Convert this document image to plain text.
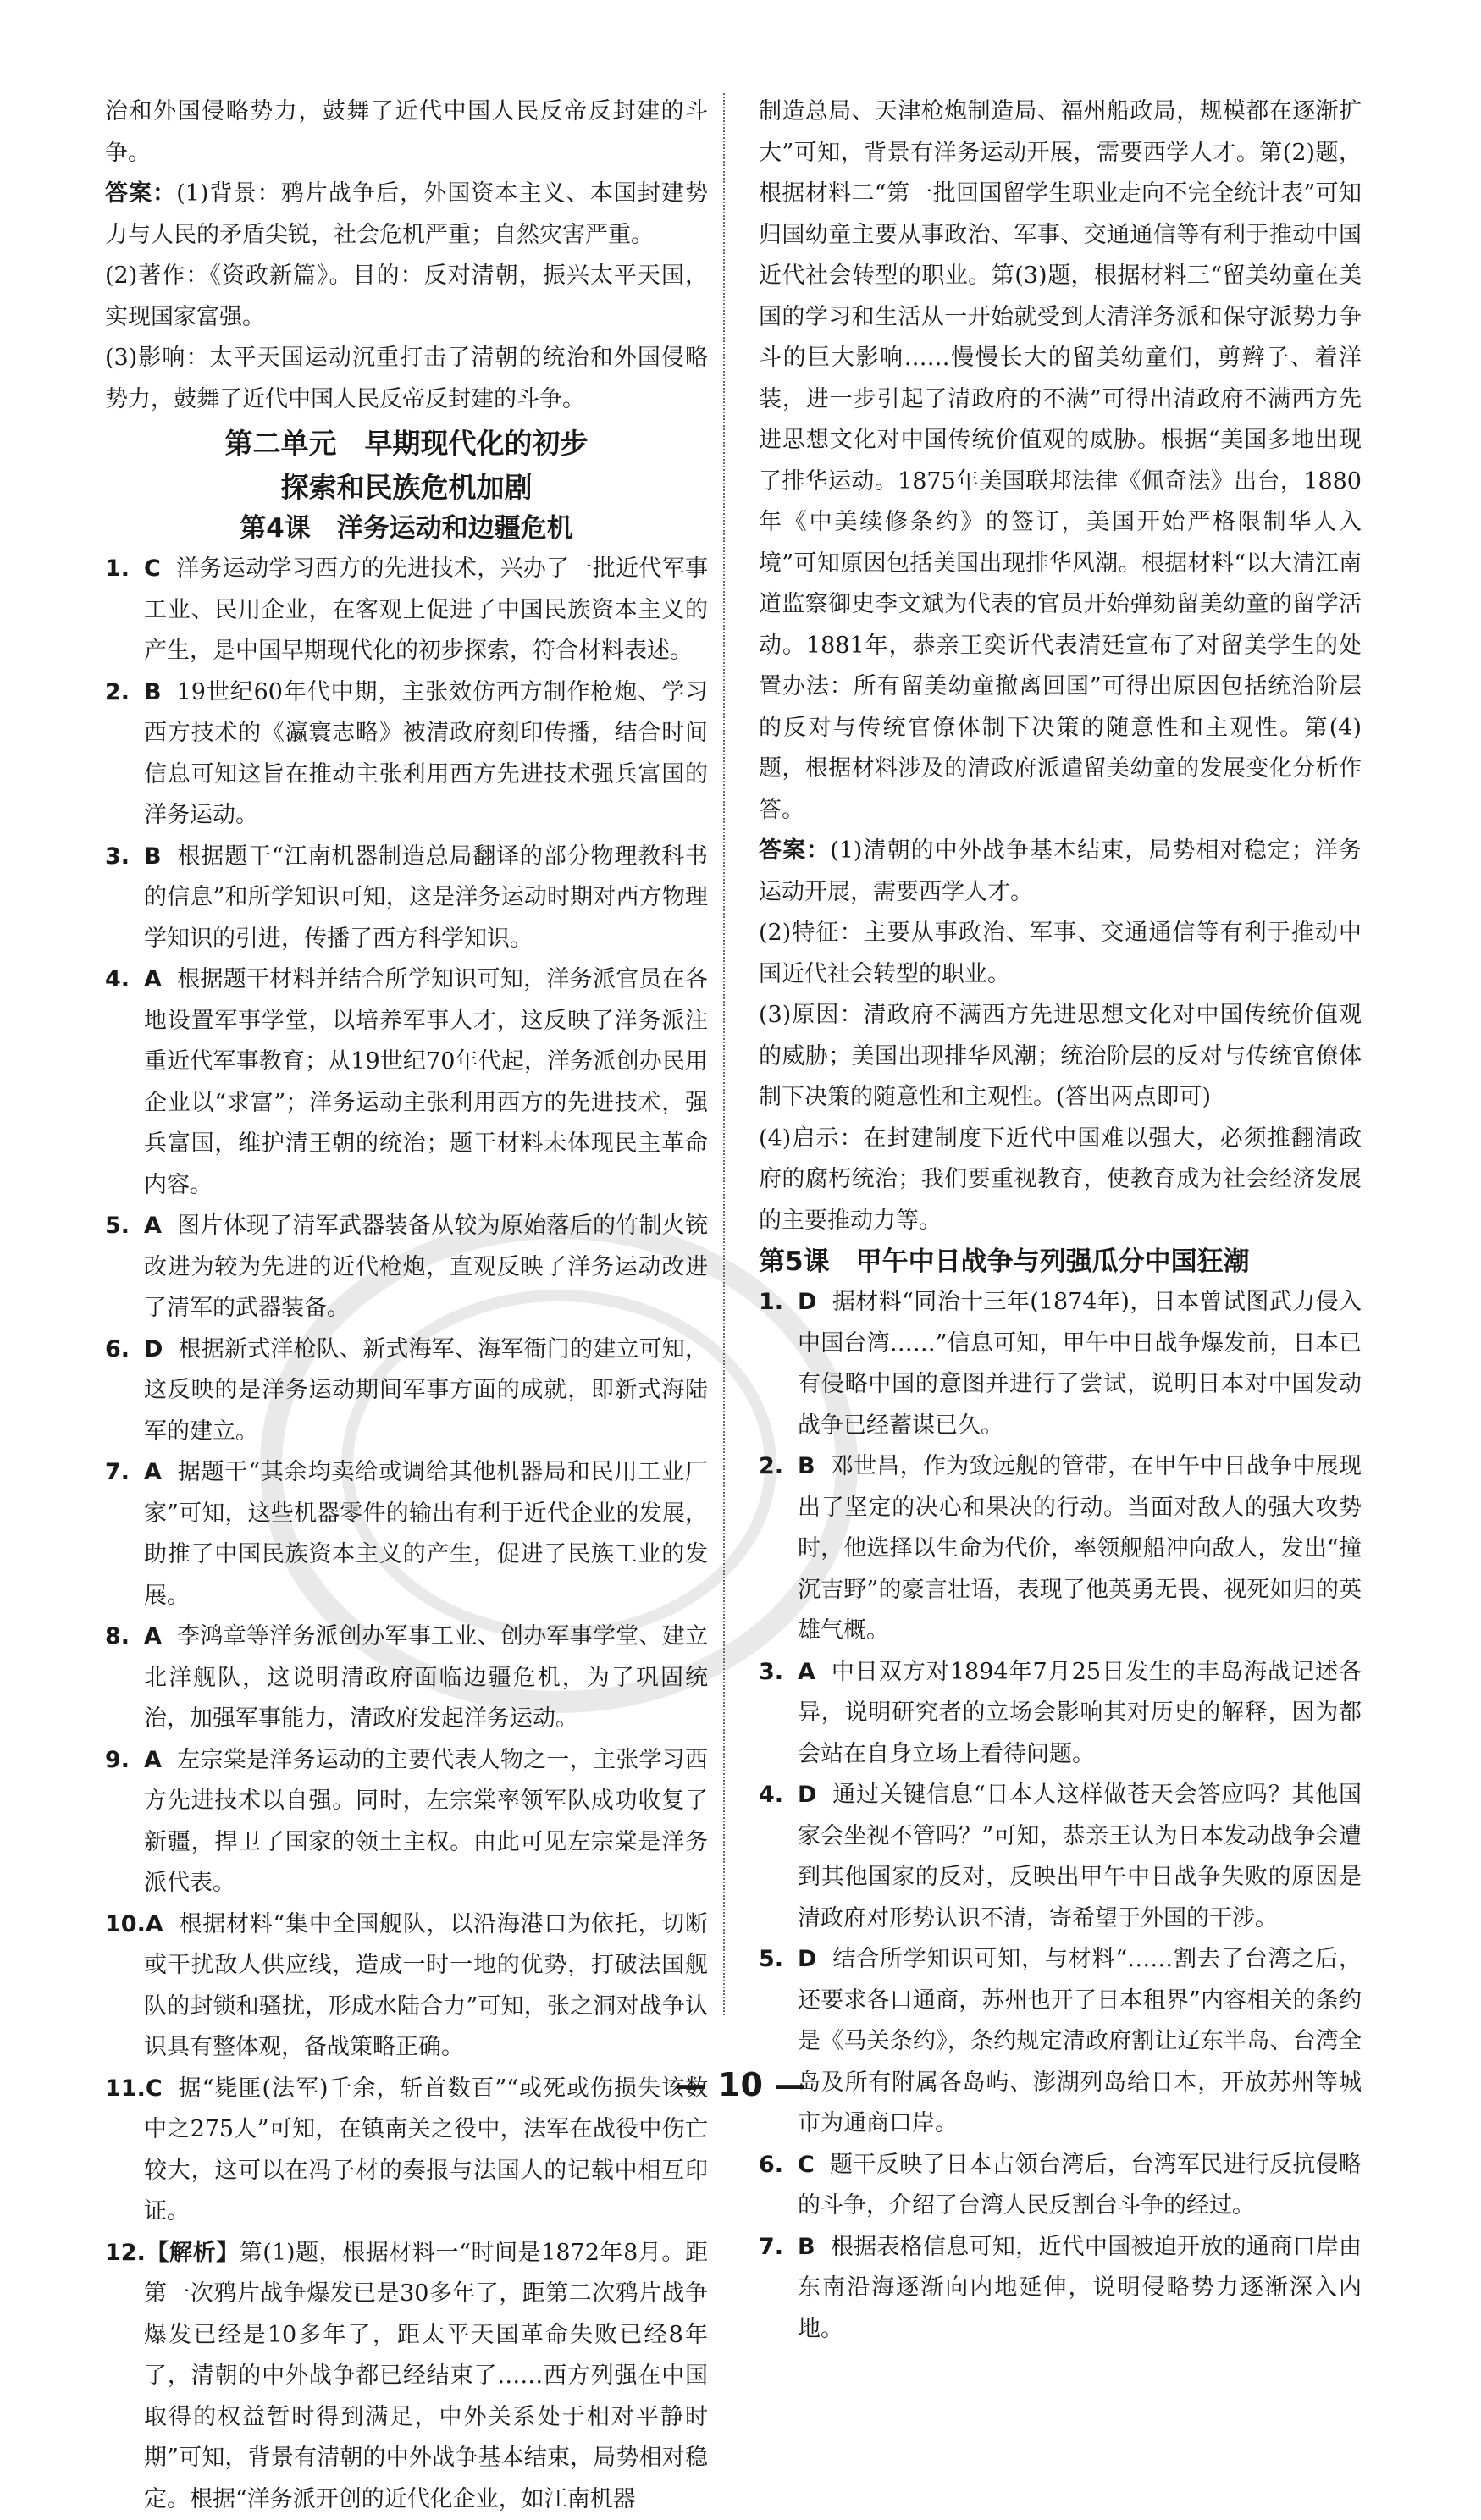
治和外国侵略势力，鼓舞了近代中国人民反帝反封建的斗争。

答案：(1)背景：鸦片战争后，外国资本主义、本国封建势力与人民的矛盾尖锐，社会危机严重；自然灾害严重。

(2)著作：《资政新篇》。目的：反对清朝，振兴太平天国，实现国家富强。

(3)影响：太平天国运动沉重打击了清朝的统治和外国侵略势力，鼓舞了近代中国人民反帝反封建的斗争。

第二单元　早期现代化的初步
探索和民族危机加剧
第4课　洋务运动和边疆危机

1. C 洋务运动学习西方的先进技术，兴办了一批近代军事工业、民用企业，在客观上促进了中国民族资本主义的产生，是中国早期现代化的初步探索，符合材料表述。

2. B 19世纪60年代中期，主张效仿西方制作枪炮、学习西方技术的《瀛寰志略》被清政府刻印传播，结合时间信息可知这旨在推动主张利用西方先进技术强兵富国的洋务运动。

3. B 根据题干“江南机器制造总局翻译的部分物理教科书的信息”和所学知识可知，这是洋务运动时期对西方物理学知识的引进，传播了西方科学知识。

4. A 根据题干材料并结合所学知识可知，洋务派官员在各地设置军事学堂，以培养军事人才，这反映了洋务派注重近代军事教育；从19世纪70年代起，洋务派创办民用企业以“求富”；洋务运动主张利用西方的先进技术，强兵富国，维护清王朝的统治；题干材料未体现民主革命内容。

5. A 图片体现了清军武器装备从较为原始落后的竹制火铳改进为较为先进的近代枪炮，直观反映了洋务运动改进了清军的武器装备。

6. D 根据新式洋枪队、新式海军、海军衙门的建立可知，这反映的是洋务运动期间军事方面的成就，即新式海陆军的建立。

7. A 据题干“其余均卖给或调给其他机器局和民用工业厂家”可知，这些机器零件的输出有利于近代企业的发展，助推了中国民族资本主义的产生，促进了民族工业的发展。

8. A 李鸿章等洋务派创办军事工业、创办军事学堂、建立北洋舰队，这说明清政府面临边疆危机，为了巩固统治，加强军事能力，清政府发起洋务运动。

9. A 左宗棠是洋务运动的主要代表人物之一，主张学习西方先进技术以自强。同时，左宗棠率领军队成功收复了新疆，捍卫了国家的领土主权。由此可见左宗棠是洋务派代表。

10.A 根据材料“集中全国舰队，以沿海港口为依托，切断或干扰敌人供应线，造成一时一地的优势，打破法国舰队的封锁和骚扰，形成水陆合力”可知，张之洞对战争认识具有整体观，备战策略正确。

11.C 据“毙匪(法军)千余，斩首数百”“或死或伤损失该数中之275人”可知，在镇南关之役中，法军在战役中伤亡较大，这可以在冯子材的奏报与法国人的记载中相互印证。

12.【解析】第(1)题，根据材料一“时间是1872年8月。距第一次鸦片战争爆发已是30多年了，距第二次鸦片战争爆发已经是10多年了，距太平天国革命失败已经8年了，清朝的中外战争都已经结束了……西方列强在中国取得的权益暂时得到满足，中外关系处于相对平静时期”可知，背景有清朝的中外战争基本结束，局势相对稳定。根据“洋务派开创的近代化企业，如江南机器

制造总局、天津枪炮制造局、福州船政局，规模都在逐渐扩大”可知，背景有洋务运动开展，需要西学人才。第(2)题，根据材料二“第一批回国留学生职业走向不完全统计表”可知归国幼童主要从事政治、军事、交通通信等有利于推动中国近代社会转型的职业。第(3)题，根据材料三“留美幼童在美国的学习和生活从一开始就受到大清洋务派和保守派势力争斗的巨大影响……慢慢长大的留美幼童们，剪辫子、着洋装，进一步引起了清政府的不满”可得出清政府不满西方先进思想文化对中国传统价值观的威胁。根据“美国多地出现了排华运动。1875年美国联邦法律《佩奇法》出台，1880年《中美续修条约》的签订，美国开始严格限制华人入境”可知原因包括美国出现排华风潮。根据材料“以大清江南道监察御史李文斌为代表的官员开始弹劾留美幼童的留学活动。1881年，恭亲王奕䜣代表清廷宣布了对留美学生的处置办法：所有留美幼童撤离回国”可得出原因包括统治阶层的反对与传统官僚体制下决策的随意性和主观性。第(4)题，根据材料涉及的清政府派遣留美幼童的发展变化分析作答。

答案：(1)清朝的中外战争基本结束，局势相对稳定；洋务运动开展，需要西学人才。

(2)特征：主要从事政治、军事、交通通信等有利于推动中国近代社会转型的职业。

(3)原因：清政府不满西方先进思想文化对中国传统价值观的威胁；美国出现排华风潮；统治阶层的反对与传统官僚体制下决策的随意性和主观性。(答出两点即可)

(4)启示：在封建制度下近代中国难以强大，必须推翻清政府的腐朽统治；我们要重视教育，使教育成为社会经济发展的主要推动力等。

第5课　甲午中日战争与列强瓜分中国狂潮

1. D 据材料“同治十三年(1874年)，日本曾试图武力侵入中国台湾……”信息可知，甲午中日战争爆发前，日本已有侵略中国的意图并进行了尝试，说明日本对中国发动战争已经蓄谋已久。

2. B 邓世昌，作为致远舰的管带，在甲午中日战争中展现出了坚定的决心和果决的行动。当面对敌人的强大攻势时，他选择以生命为代价，率领舰船冲向敌人，发出“撞沉吉野”的豪言壮语，表现了他英勇无畏、视死如归的英雄气概。

3. A 中日双方对1894年7月25日发生的丰岛海战记述各异，说明研究者的立场会影响其对历史的解释，因为都会站在自身立场上看待问题。

4. D 通过关键信息“日本人这样做苍天会答应吗？其他国家会坐视不管吗？”可知，恭亲王认为日本发动战争会遭到其他国家的反对，反映出甲午中日战争失败的原因是清政府对形势认识不清，寄希望于外国的干涉。

5. D 结合所学知识可知，与材料“……割去了台湾之后，还要求各口通商，苏州也开了日本租界”内容相关的条约是《马关条约》，条约规定清政府割让辽东半岛、台湾全岛及所有附属各岛屿、澎湖列岛给日本，开放苏州等城市为通商口岸。

6. C 题干反映了日本占领台湾后，台湾军民进行反抗侵略的斗争，介绍了台湾人民反割台斗争的经过。

7. B 根据表格信息可知，近代中国被迫开放的通商口岸由东南沿海逐渐向内地延伸，说明侵略势力逐渐深入内地。

— 10 —
